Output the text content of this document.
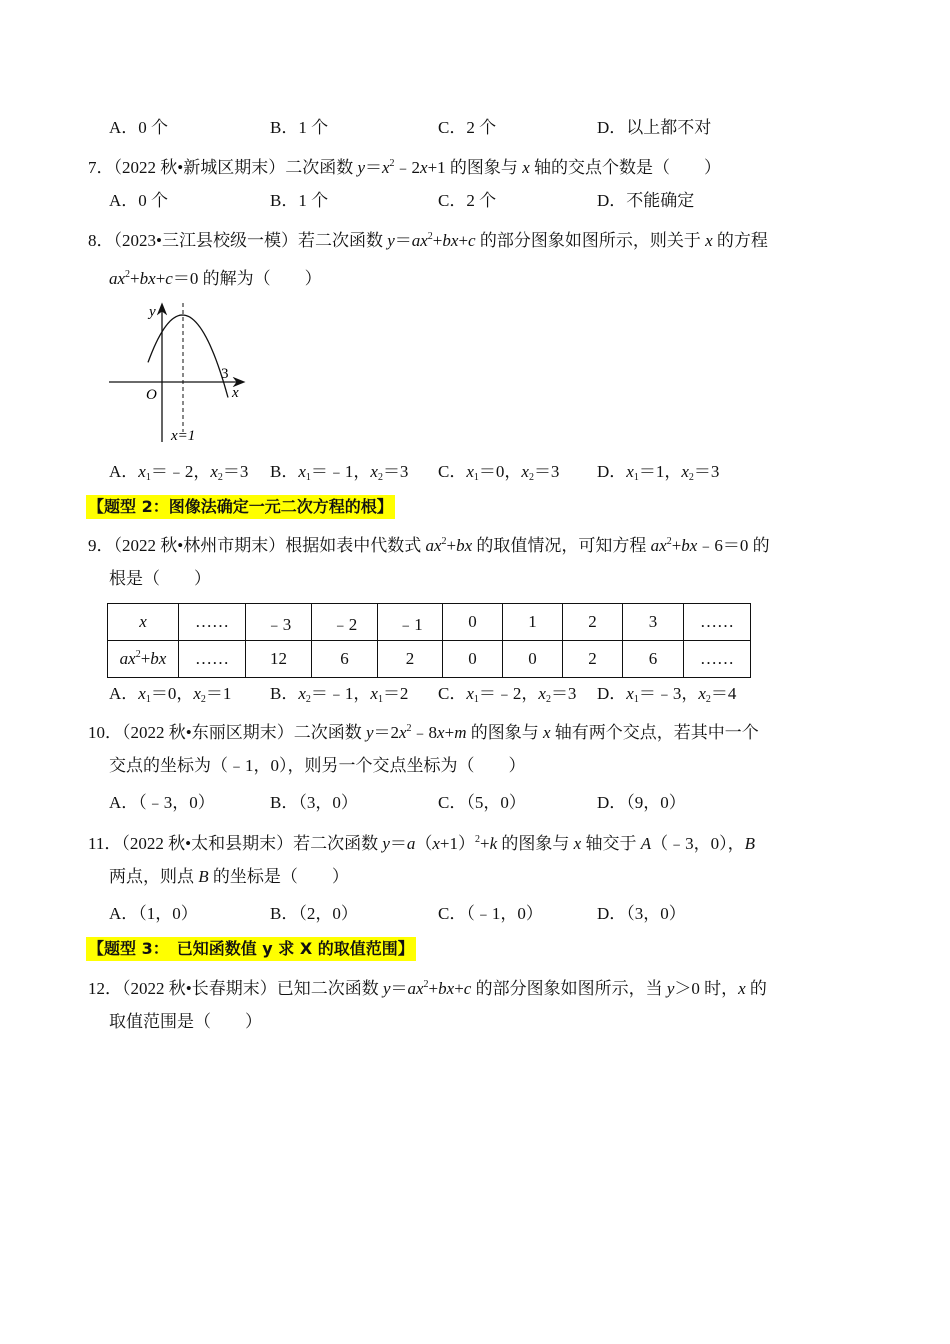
A．0 个	B．1 个	C．2 个	D．以上都不对
7．（2022 秋•新城区期末）二次函数 $y=x^2﹣2x+1$ 的图象与 x 轴的交点个数是（　　）
A．0 个	B．1 个	C．2 个	D．不能确定
8．（2023•三江县校级一模）若二次函数 $y=ax^2+bx+c$ 的部分图象如图所示，则关于 x 的方程
$ax^2+bx+c=0$ 的解为（　　）
y
O
3
x
x=1
A．$x_1=﹣2$，$x_2=3$ B．$x_1=﹣1$，$x_2=3$ C．$x_1=0$，$x_2=3$ D．$x_1=1$，$x_2=3$
【题型 2：图像法确定一元二次方程的根】
9．（2022 秋•林州市期末）根据如表中代数式 $ax^2+bx$ 的取值情况，可知方程 $ax^2+bx﹣6=0$ 的
根是（　　）
x	……	﹣3	﹣2	﹣1	0	1	2	3	……
$ax^2+bx$	……	12	6	2	0	0	2	6	……
A．$x_1=0$，$x_2=1$ B．$x_2=﹣1$，$x_1=2$ C．$x_1=﹣2$，$x_2=3$ D．$x_1=﹣3$，$x_2=4$
10．（2022 秋•东丽区期末）二次函数 $y=2x^2﹣8x+m$ 的图象与 x 轴有两个交点，若其中一个
交点的坐标为（﹣1，0），则另一个交点坐标为（　　）
A．（﹣3，0）	B．（3，0）	C．（5，0）	D．（9，0）
11．（2022 秋•太和县期末）若二次函数 $y=a(x+1)^2+k$ 的图象与 x 轴交于 A（﹣3，0），B
两点，则点 B 的坐标是（　　）
A．（1，0）	B．（2，0）	C．（﹣1，0）	D．（3，0）
【题型 3：　已知函数值 y 求 X 的取值范围】
12．（2022 秋•长春期末）已知二次函数 $y=ax^2+bx+c$ 的部分图象如图所示，当 y＞0 时，x 的
取值范围是（　　）
